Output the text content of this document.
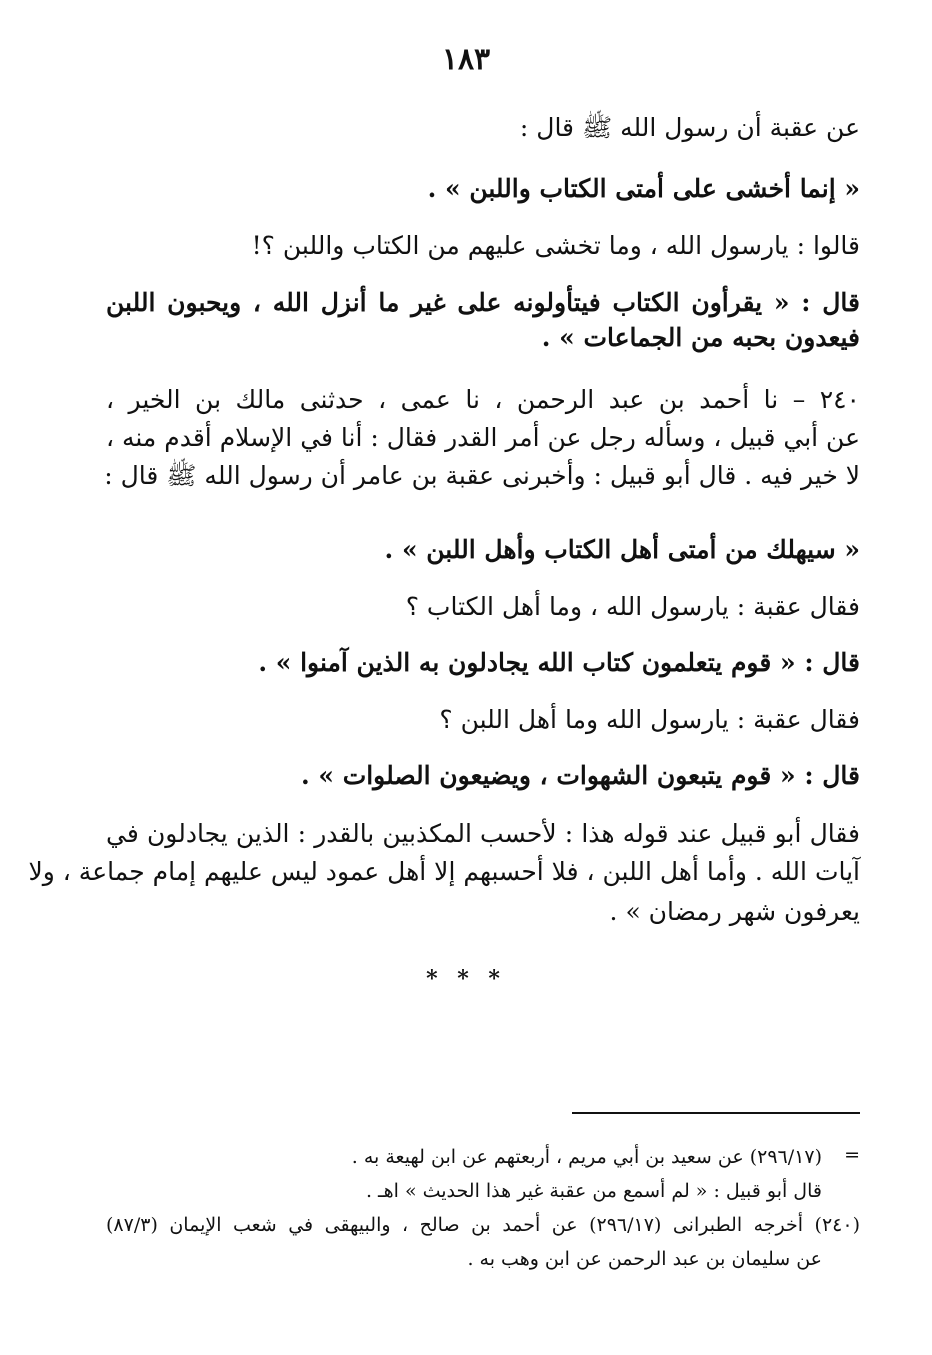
١٨٣
عن عقبة أن رسول الله ﷺ قال :
« إنما أخشى على أمتى الكتاب واللبن » .
قالوا : يارسول الله ، وما تخشى عليهم من الكتاب واللبن ؟!
قال : « يقرأون الكتاب فيتأولونه على غير ما أنزل الله ، ويحبون اللبن
فيعدون بحبه من الجماعات » .
٢٤٠ – نا أحمد بن عبد الرحمن ، نا عمى ، حدثنى مالك بن الخير ،
عن أبي قبيل ، وسأله رجل عن أمر القدر فقال : أنا في الإسلام أقدم منه ،
لا خير فيه . قال أبو قبيل : وأخبرنى عقبة بن عامر أن رسول الله ﷺ قال :
« سيهلك من أمتى أهل الكتاب وأهل اللبن » .
فقال عقبة : يارسول الله ، وما أهل الكتاب ؟
قال : « قوم يتعلمون كتاب الله يجادلون به الذين آمنوا » .
فقال عقبة : يارسول الله وما أهل اللبن ؟
قال : « قوم يتبعون الشهوات ، ويضيعون الصلوات » .
فقال أبو قبيل عند قوله هذا : لأحسب المكذبين بالقدر : الذين يجادلون في
آيات الله . وأما أهل اللبن ، فلا أحسبهم إلا أهل عمود ليس عليهم إمام جماعة ، ولا
يعرفون شهر رمضان » .
* * *
=
(٢٩٦/١٧) عن سعيد بن أبي مريم ، أربعتهم عن ابن لهيعة به .
قال أبو قبيل : « لم أسمع من عقبة غير هذا الحديث » اهـ .
(٢٤٠) أخرجه الطبرانى (٢٩٦/١٧) عن أحمد بن صالح ، والبيهقى في شعب الإيمان (٨٧/٣)
عن سليمان بن عبد الرحمن عن ابن وهب به .
